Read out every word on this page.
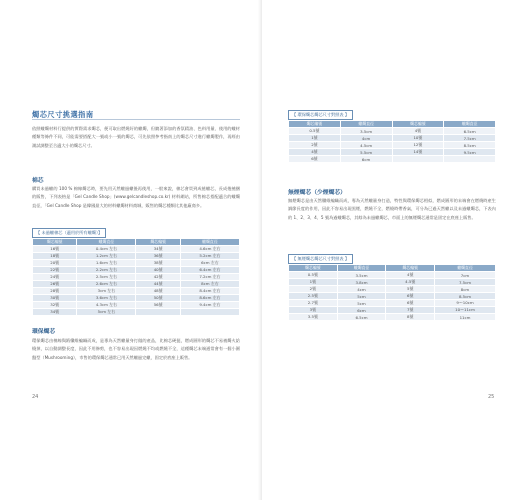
燭芯尺寸挑選指南
依照蠟燭材料行提供的實際需求燭芯，便可取出燃燒好的蠟燭，但隨著添加的香氛精油、色料用量、使用的蠟材種類等條件不同，可能需要搭配大一號或小一號的燭芯，可先依照參考指南上的燭芯尺寸進行蠟燭製作，再經由測試調整至合適大小的燭芯尺寸。
棉芯
購買未過蠟的 100 % 棉線燭芯時，要先用天然蠟過蠟後再使用，一般來說，棉芯會買到成捲蠟芯，長成捲繞捆的販售，下列表格是「Gel Candle Shop」(www.gelcandleshop.co.kr) 材料網站，所售棉芯搭配適合的蠟燭直徑，「Gel Candle Shop 是韓國最大的材料蠟燭材料商城，販售的燭芯種類比其他廠商多。
【 未過蠟棉芯（適用於所有蠟燭）】
燭芯編號	蠟燭直徑	燭芯編號	蠟燭直徑
16號	0.4cm 左右	34號	4.6cm 左右
18號	1.2cm 左右	36號	5.2cm 左右
20號	1.6cm 左右	38號	6cm 左右
22號	2.2cm 左右	40號	6.4cm 左右
24號	2.5cm 左右	42號	7.2cm 左右
26號	2.6cm 左右	44號	8cm 左右
28號	3cm 左右	48號	8.4cm 左右
30號	3.6cm 左右	50號	8.6cm 左右
32號	4.3cm 左右	56號	9.4cm 左右
34號	5cm 左右		
環保燭芯
環保燭芯由棉線與紙纖維編織而成，是專為天然蠟量身打做的產品，比棉芯硬挺，燃成圓形的燭芯不易被燭火給燒掉，以自動調整長度，因此不用修剪，也不容易出現因燃燒不均或燃燒不全，這種燭芯末端通常會有一個小圓盤型（Mushrooming），市售的環保燭芯通常已用天然蠟過完蠟，固定於底座上販售。
24
【 環保燭芯燭芯尺寸對照表 】
燭芯編號	蠟燭直徑	燭芯編號	蠟燭直徑
0.5號	3.5cm	4號	6.5cm
1號	4cm	10號	7.5cm
2號	4.5cm	12號	8.5cm
4號	5.5cm	14號	9.5cm
6號	6cm		
無煙燭芯（少煙燭芯）
無煙燭芯是由天然纖維編織而成，專為天然蠟量身打造，特性與環保燭芯相似，燃成圓形的末端會在燃燒時產生調節長度的作用，因此不容易出現黑煙，燃燒不全，燃燒時帶香氣，可分為已過天然蠟以及未過蠟燭芯，下表內的 1、2、3、4、5 號為過蠟燭芯，其餘為未過蠟燭芯，市面上的無煙燭芯通常是固定在底座上販售。
【 無煙燭芯燭芯尺寸對照表 】
燭芯編號	蠟燭直徑	燭芯編號	蠟燭直徑
0.5號	3.5cm	4號	7cm
1號	3.8cm	4.5號	7.5cm
2號	4cm	5號	8cm
2.5號	5cm	6號	8.5cm
2.7號	5cm	6號	9～10cm
3號	6cm	7號	10～11cm
3.5號	6.5cm	8號	11cm
25
